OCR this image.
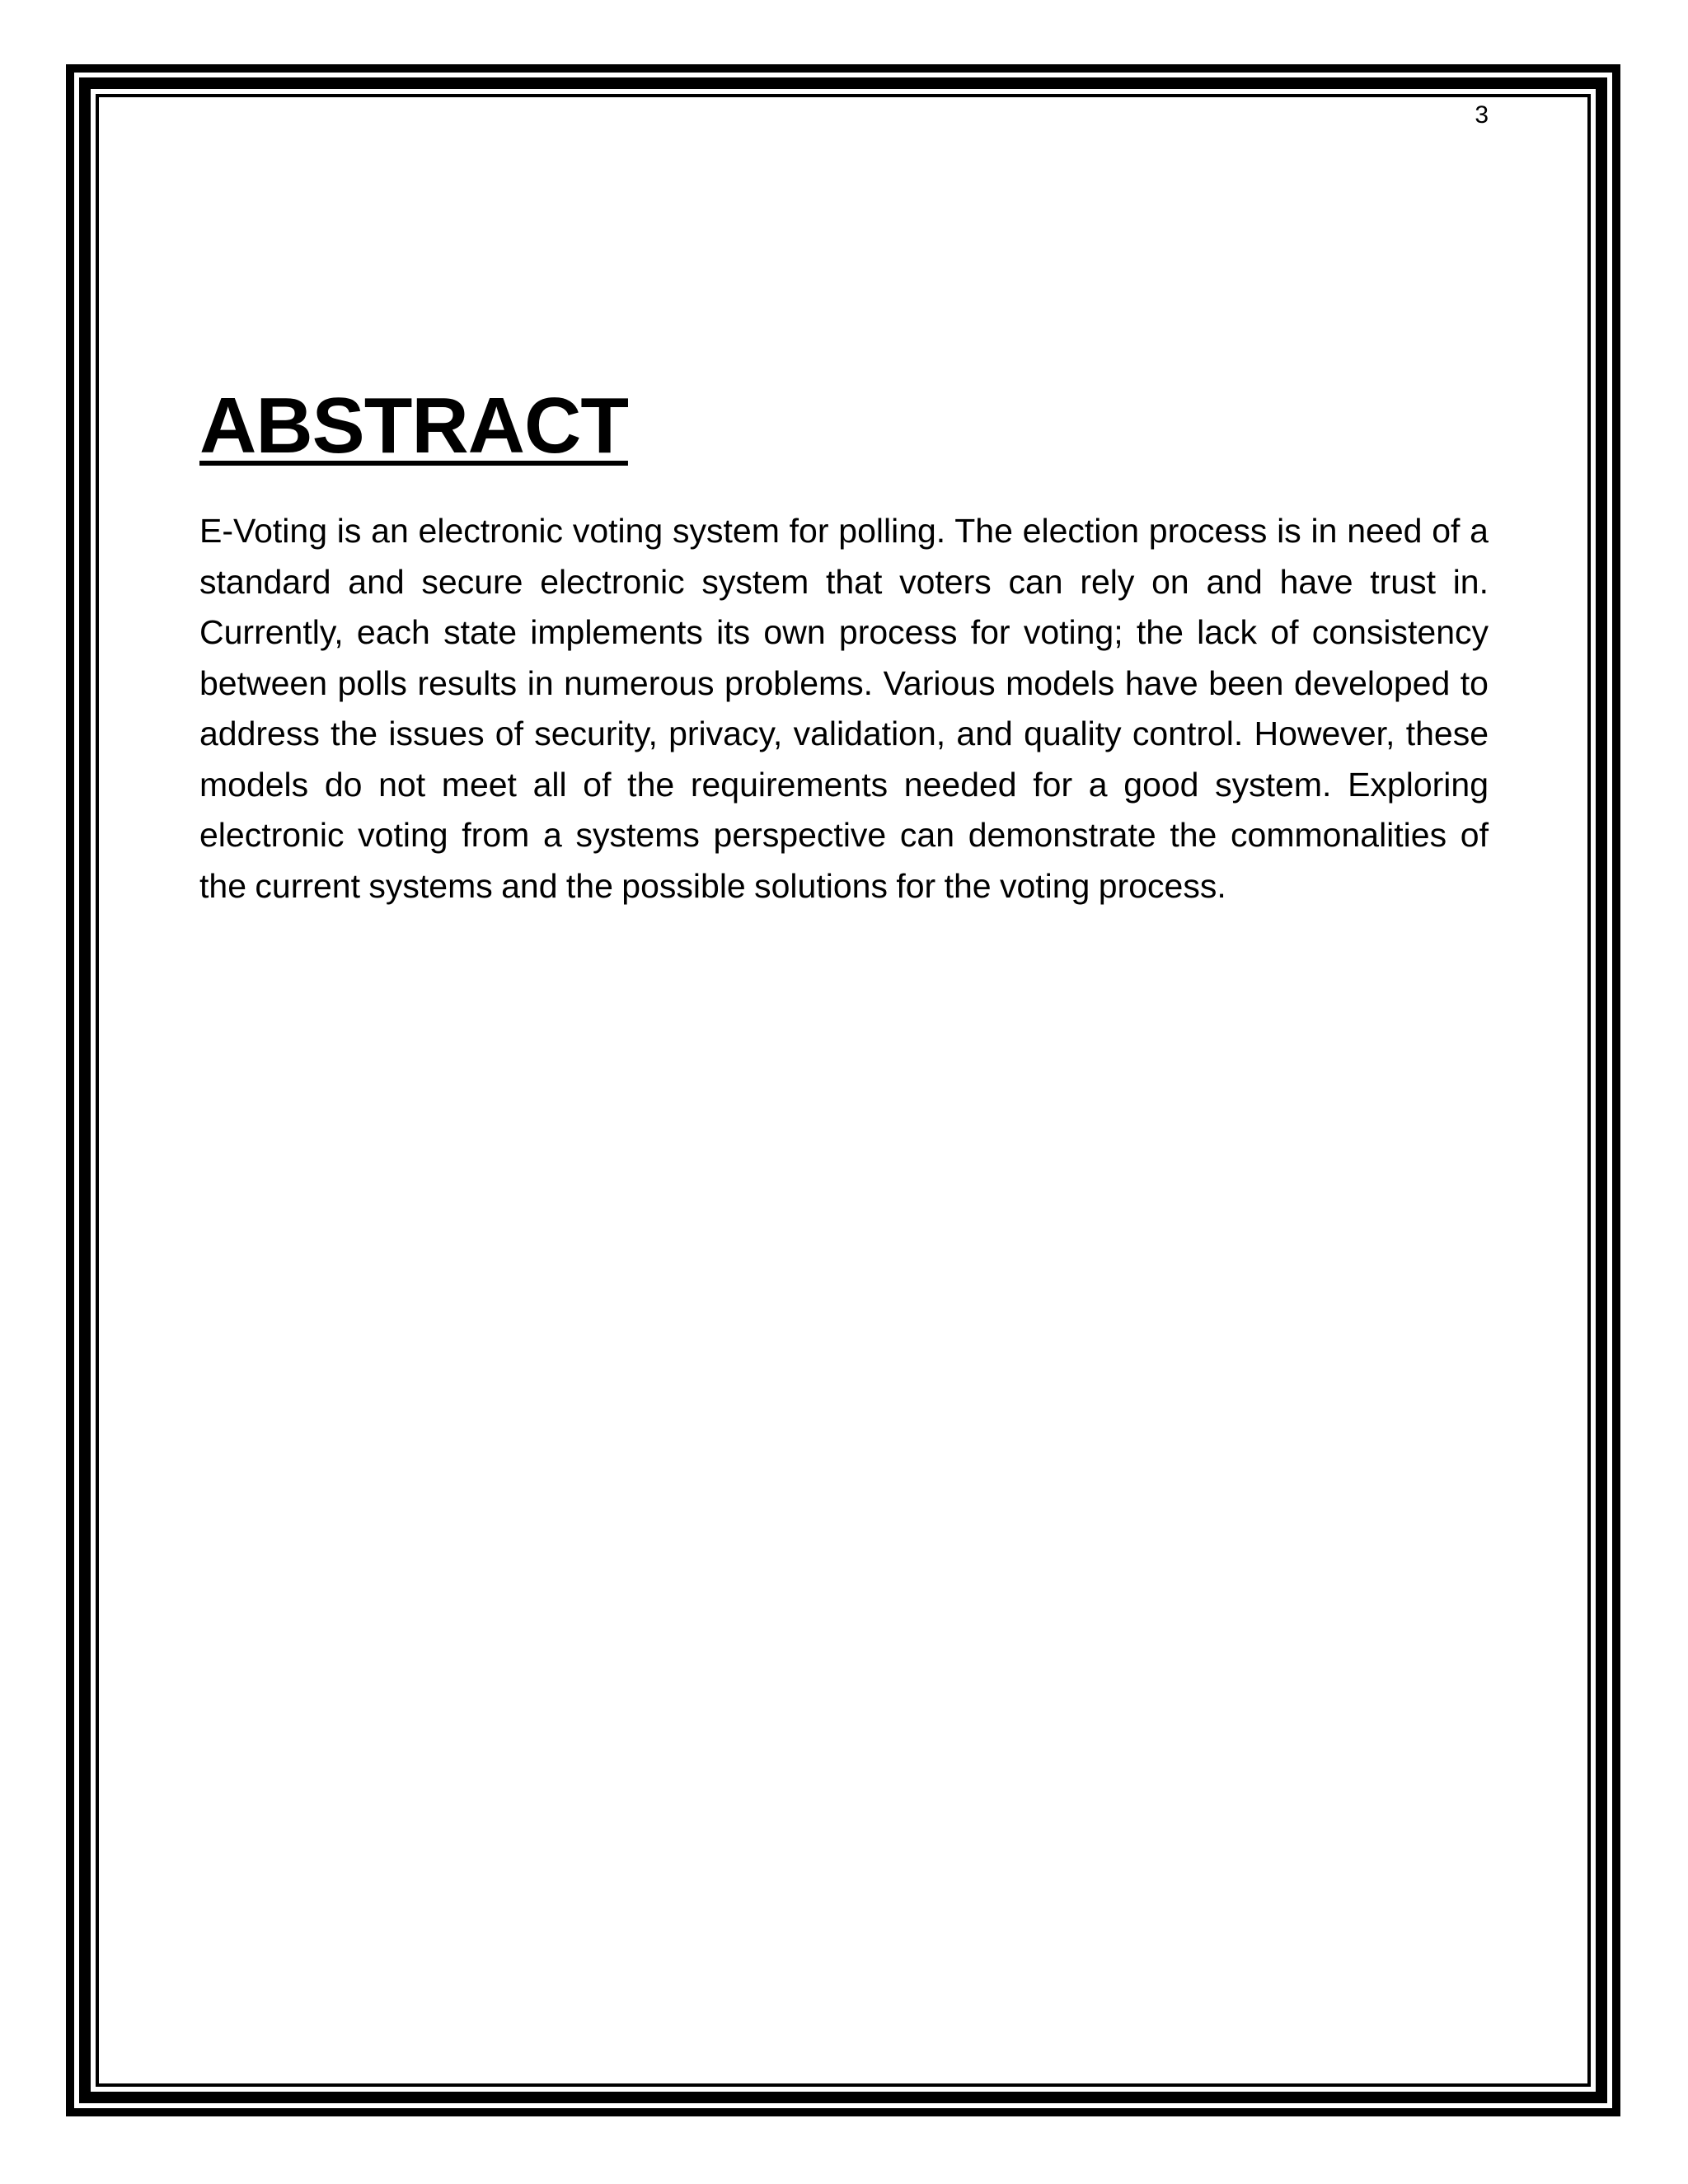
3
ABSTRACT

E-Voting is an electronic voting system for polling. The election process is in need of a standard and secure electronic system that voters can rely on and have trust in. Currently, each state implements its own process for voting; the lack of consistency between polls results in numerous problems. Various models have been developed to address the issues of security, privacy, validation, and quality control. However, these models do not meet all of the requirements needed for a good system. Exploring electronic voting from a systems perspective can demonstrate the commonalities of the current systems and the possible solutions for the voting process.
